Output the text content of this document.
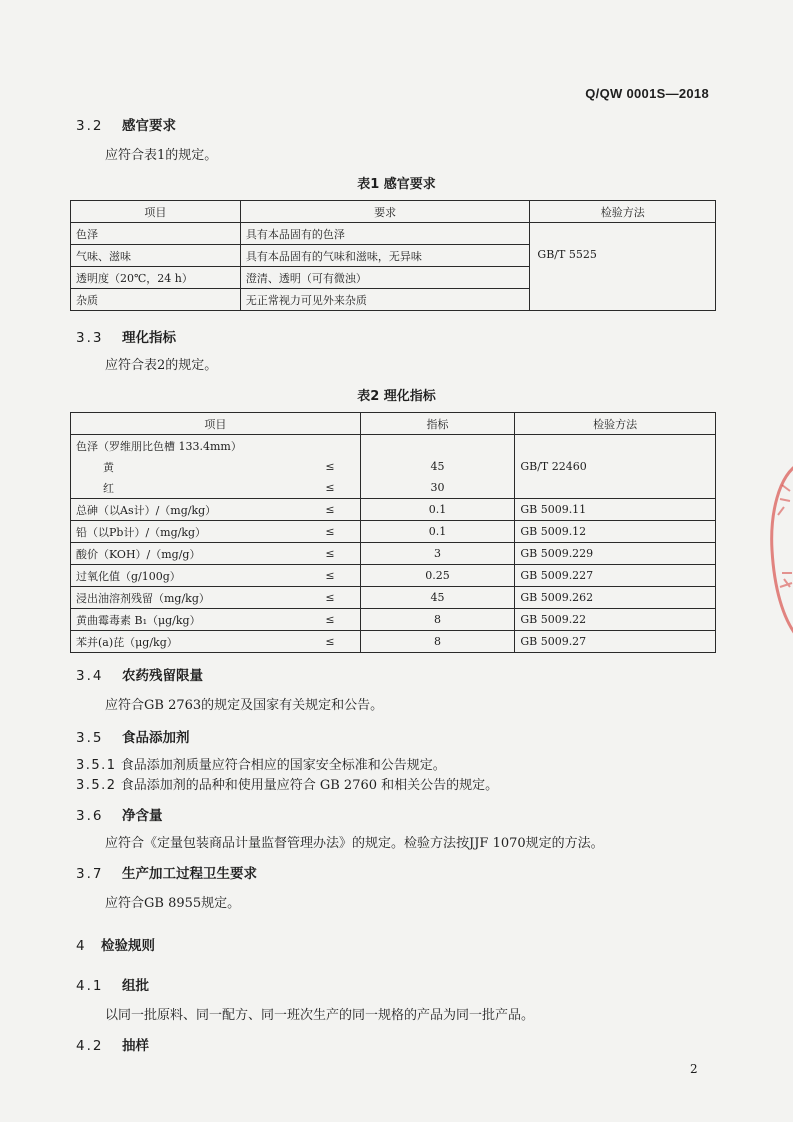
Q/QW 0001S—2018
3.2 感官要求
应符合表1的规定。
表1 感官要求
项目	要求	检验方法
色泽	具有本品固有的色泽	
气味、滋味	具有本品固有的气味和滋味，无异味	GB/T 5525
透明度（20℃，24 h）	澄清、透明（可有微浊）	
杂质	无正常视力可见外来杂质	
3.3 理化指标
应符合表2的规定。
表2 理化指标
项目		指标	检验方法
色泽（罗维朋比色槽 133.4mm）			
黄	≤	45	GB/T 22460
红	≤	30	
总砷（以As计）/（mg/kg）	≤	0.1	GB 5009.11
铅（以Pb计）/（mg/kg）	≤	0.1	GB 5009.12
酸价（KOH）/（mg/g）	≤	3	GB 5009.229
过氧化值（g/100g）	≤	0.25	GB 5009.227
浸出油溶剂残留（mg/kg）	≤	45	GB 5009.262
黄曲霉毒素 B₁（μg/kg）	≤	8	GB 5009.22
苯并(a)芘（μg/kg）	≤	8	GB 5009.27
3.4 农药残留限量
应符合GB 2763的规定及国家有关规定和公告。
3.5 食品添加剂
3.5.1 食品添加剂质量应符合相应的国家安全标准和公告规定。
3.5.2 食品添加剂的品种和使用量应符合 GB 2760 和相关公告的规定。
3.6 净含量
应符合《定量包装商品计量监督管理办法》的规定。检验方法按JJF 1070规定的方法。
3.7 生产加工过程卫生要求
应符合GB 8955规定。
4 检验规则
4.1 组批
以同一批原料、同一配方、同一班次生产的同一规格的产品为同一批产品。
4.2 抽样
2
